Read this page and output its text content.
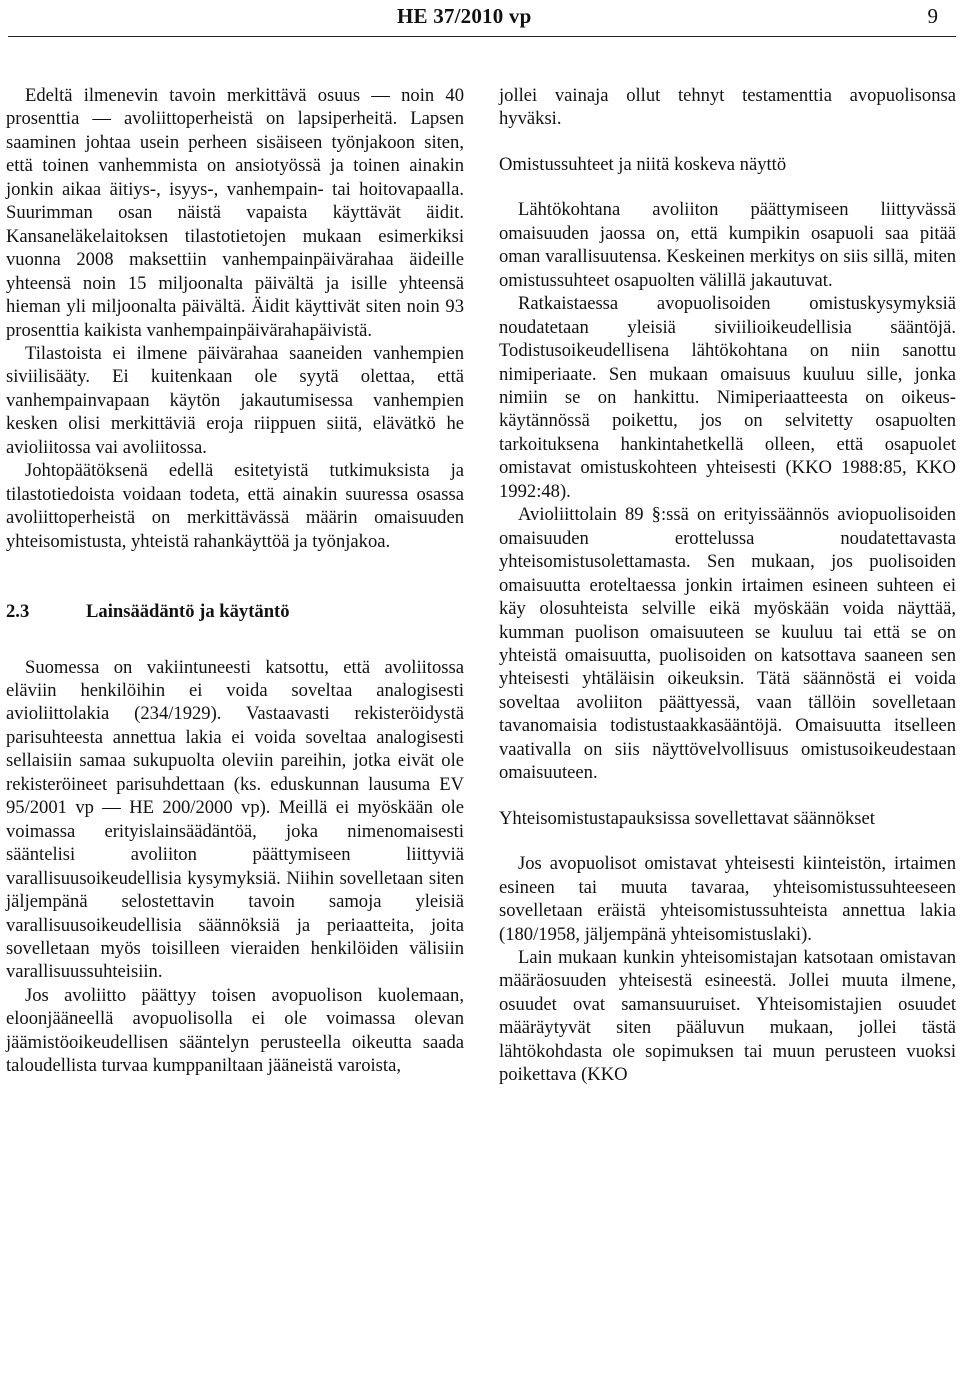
HE 37/2010 vp	9

Edeltä ilmenevin tavoin merkittävä osuus — noin 40 prosenttia — avoliittoperheistä on lapsiperheitä. Lapsen saaminen johtaa usein perheen sisäiseen työnjakoon siten, että toinen vanhemmista on ansiotyössä ja toinen ainakin jonkin aikaa äitiys-, isyys-, vanhempain- tai hoitovapaalla. Suurimman osan näistä vapaista käyttävät äidit. Kansaneläkelaitoksen tilastotietojen mukaan esimerkiksi vuonna 2008 maksettiin vanhempainpäivärahaa äideille yhteensä noin 15 miljoonalta päivältä ja isille yhteensä hieman yli miljoonalta päivältä. Äidit käyttivät siten noin 93 prosenttia kaikista vanhempainpäivärahapäivistä.

Tilastoista ei ilmene päivärahaa saaneiden vanhempien siviilisääty. Ei kuitenkaan ole syytä olettaa, että vanhempainvapaan käytön jakautumisessa vanhempien kesken olisi merkittäviä eroja riippuen siitä, elävätkö he avioliitossa vai avoliitossa.

Johtopäätöksenä edellä esitetyistä tutkimuksista ja tilastotiedoista voidaan todeta, että ainakin suuressa osassa avoliittoperheistä on merkittävässä määrin omaisuuden yhteisomistusta, yhteistä rahankäyttöä ja työnjakoa.

2.3	Lainsäädäntö ja käytäntö

Suomessa on vakiintuneesti katsottu, että avoliitossa eläviin henkilöihin ei voida soveltaa analogisesti avioliittolakia (234/1929). Vastaavasti rekisteröidystä parisuhteesta annettua lakia ei voida soveltaa analogisesti sellaisiin samaa sukupuolta oleviin pareihin, jotka eivät ole rekisteröineet parisuhdettaan (ks. eduskunnan lausuma EV 95/2001 vp — HE 200/2000 vp). Meillä ei myöskään ole voimassa erityislainsäädäntöä, joka nimenomaisesti sääntelisi avoliiton päättymiseen liittyviä varallisuusoikeudellisia kysymyksiä. Niihin sovelletaan siten jäljempänä selostettavin tavoin samoja yleisiä varallisuusoikeudellisia säännöksiä ja periaatteita, joita sovelletaan myös toisilleen vieraiden henkilöiden välisiin varallisuussuhteisiin.

Jos avoliitto päättyy toisen avopuolison kuolemaan, eloonjääneellä avopuolisolla ei ole voimassa olevan jäämistöoikeudellisen sääntelyn perusteella oikeutta saada taloudellista turvaa kumppaniltaan jääneistä varoista,

jollei vainaja ollut tehnyt testamenttia avopuolisonsa hyväksi.

Omistussuhteet ja niitä koskeva näyttö

Lähtökohtana avoliiton päättymiseen liittyvässä omaisuuden jaossa on, että kumpikin osapuoli saa pitää oman varallisuutensa. Keskeinen merkitys on siis sillä, miten omistussuhteet osapuolten välillä jakautuvat.

Ratkaistaessa avopuolisoiden omistuskysymyksiä noudatetaan yleisiä siviilioikeudellisia sääntöjä. Todistusoikeudellisena lähtökohtana on niin sanottu nimiperiaate. Sen mukaan omaisuus kuuluu sille, jonka nimiin se on hankittu. Nimiperiaatteesta on oikeuskäytännössä poikettu, jos on selvitetty osapuolten tarkoituksena hankintahetkellä olleen, että osapuolet omistavat omistuskohteen yhteisesti (KKO 1988:85, KKO 1992:48).

Avioliittolain 89 §:ssä on erityissäännös aviopuolisoiden omaisuuden erottelussa noudatettavasta yhteisomistusolettamasta. Sen mukaan, jos puolisoiden omaisuutta eroteltaessa jonkin irtaimen esineen suhteen ei käy olosuhteista selville eikä myöskään voida näyttää, kumman puolison omaisuuteen se kuuluu tai että se on yhteistä omaisuutta, puolisoiden on katsottava saaneen sen yhteisesti yhtäläisin oikeuksin. Tätä säännöstä ei voida soveltaa avoliiton päättyessä, vaan tällöin sovelletaan tavanomaisia todistustaakkasääntöjä. Omaisuutta itselleen vaativalla on siis näyttövelvollisuus omistusoikeudestaan omaisuuteen.

Yhteisomistustapauksissa sovellettavat säännökset

Jos avopuolisot omistavat yhteisesti kiinteistön, irtaimen esineen tai muuta tavaraa, yhteisomistussuhteeseen sovelletaan eräistä yhteisomistussuhteista annettua lakia (180/1958, jäljempänä yhteisomistuslaki).

Lain mukaan kunkin yhteisomistajan katsotaan omistavan määräosuuden yhteisestä esineestä. Jollei muuta ilmene, osuudet ovat samansuuruiset. Yhteisomistajien osuudet määräytyvät siten pääluvun mukaan, jollei tästä lähtökohdasta ole sopimuksen tai muun perusteen vuoksi poikettava (KKO
